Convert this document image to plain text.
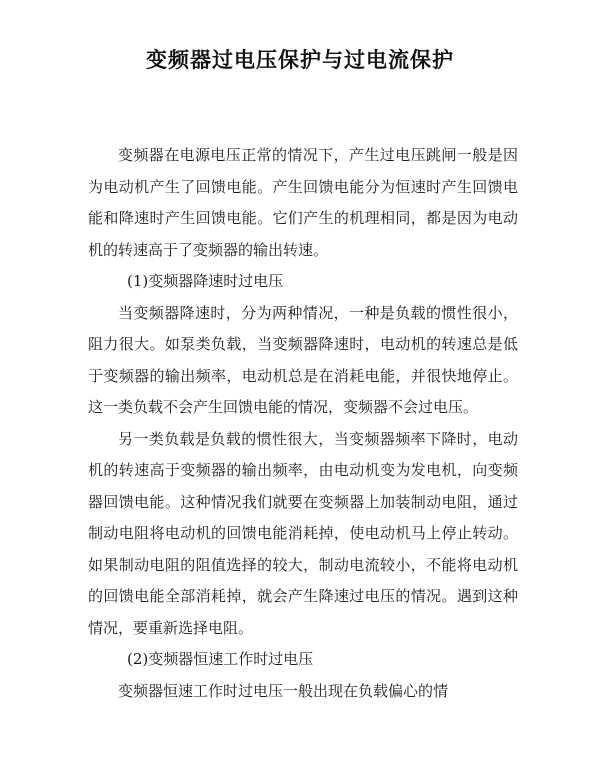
变频器过电压保护与过电流保护

变频器在电源电压正常的情况下，产生过电压跳闸一般是因为电动机产生了回馈电能。产生回馈电能分为恒速时产生回馈电能和降速时产生回馈电能。它们产生的机理相同，都是因为电动机的转速高于了变频器的输出转速。

(1)变频器降速时过电压

当变频器降速时，分为两种情况，一种是负载的惯性很小，阻力很大。如泵类负载，当变频器降速时，电动机的转速总是低于变频器的输出频率，电动机总是在消耗电能，并很快地停止。这一类负载不会产生回馈电能的情况，变频器不会过电压。

另一类负载是负载的惯性很大，当变频器频率下降时，电动机的转速高于变频器的输出频率，由电动机变为发电机，向变频器回馈电能。这种情况我们就要在变频器上加装制动电阻，通过制动电阻将电动机的回馈电能消耗掉，使电动机马上停止转动。如果制动电阻的阻值选择的较大，制动电流较小，不能将电动机的回馈电能全部消耗掉，就会产生降速过电压的情况。遇到这种情况，要重新选择电阻。

(2)变频器恒速工作时过电压

变频器恒速工作时过电压一般出现在负载偏心的情
